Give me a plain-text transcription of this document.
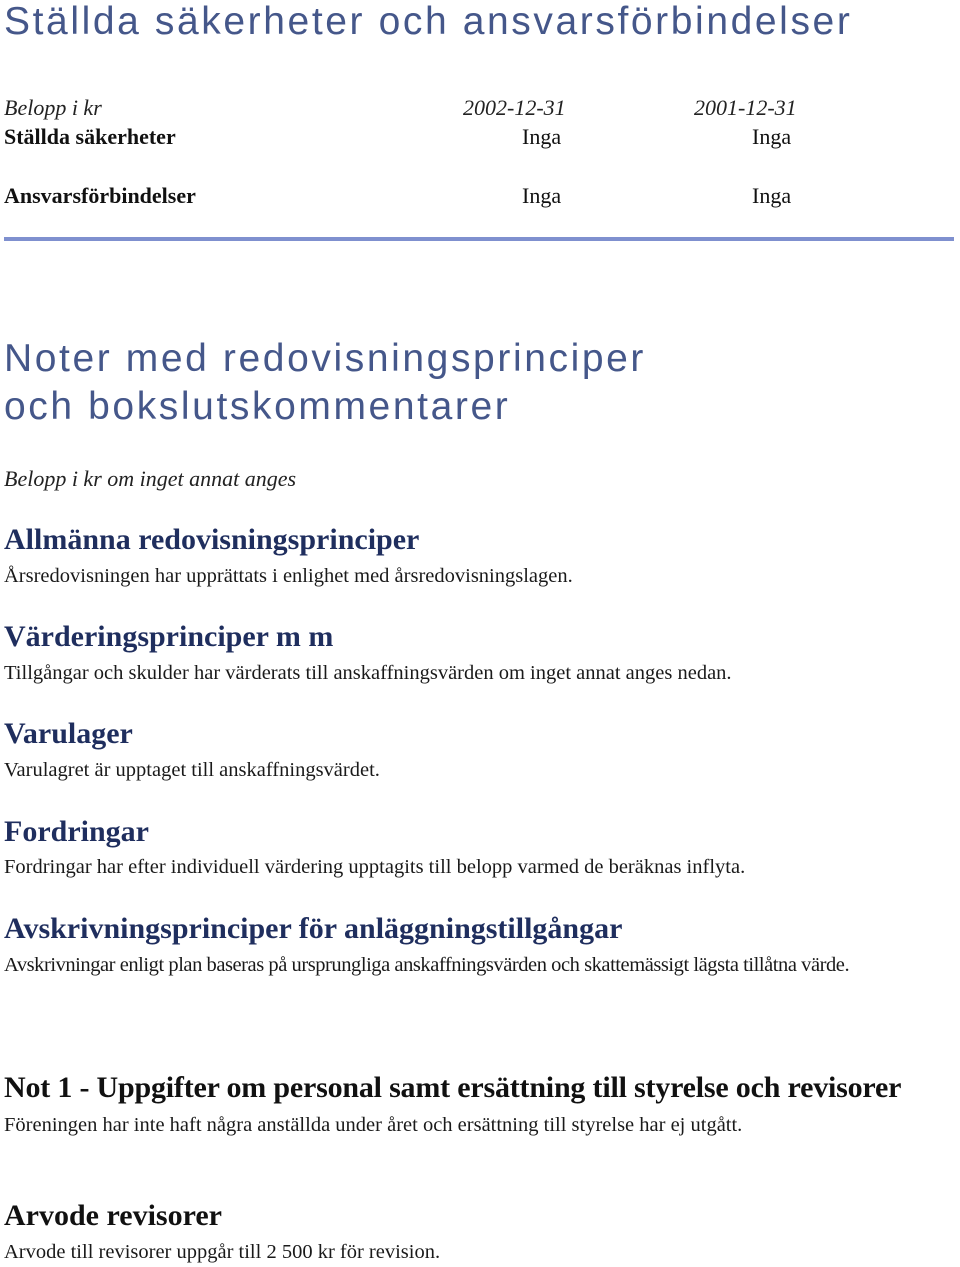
Ställda säkerheter och ansvarsförbindelser
Belopp i kr	2002-12-31	2001-12-31
Ställda säkerheter	Inga	Inga
Ansvarsförbindelser	Inga	Inga
Noter med redovisningsprinciper
och bokslutskommentarer
Belopp i kr om inget annat anges
Allmänna redovisningsprinciper
Årsredovisningen har upprättats i enlighet med årsredovisningslagen.
Värderingsprinciper m m
Tillgångar och skulder har värderats till anskaffningsvärden om inget annat anges nedan.
Varulager
Varulagret är upptaget till anskaffningsvärdet.
Fordringar
Fordringar har efter individuell värdering upptagits till belopp varmed de beräknas inflyta.
Avskrivningsprinciper för anläggningstillgångar
Avskrivningar enligt plan baseras på ursprungliga anskaffningsvärden och skattemässigt lägsta tillåtna värde.
Not 1 - Uppgifter om personal samt ersättning till styrelse och revisorer
Föreningen har inte haft några anställda under året och ersättning till styrelse har ej utgått.
Arvode revisorer
Arvode till revisorer uppgår till 2 500 kr för revision.
